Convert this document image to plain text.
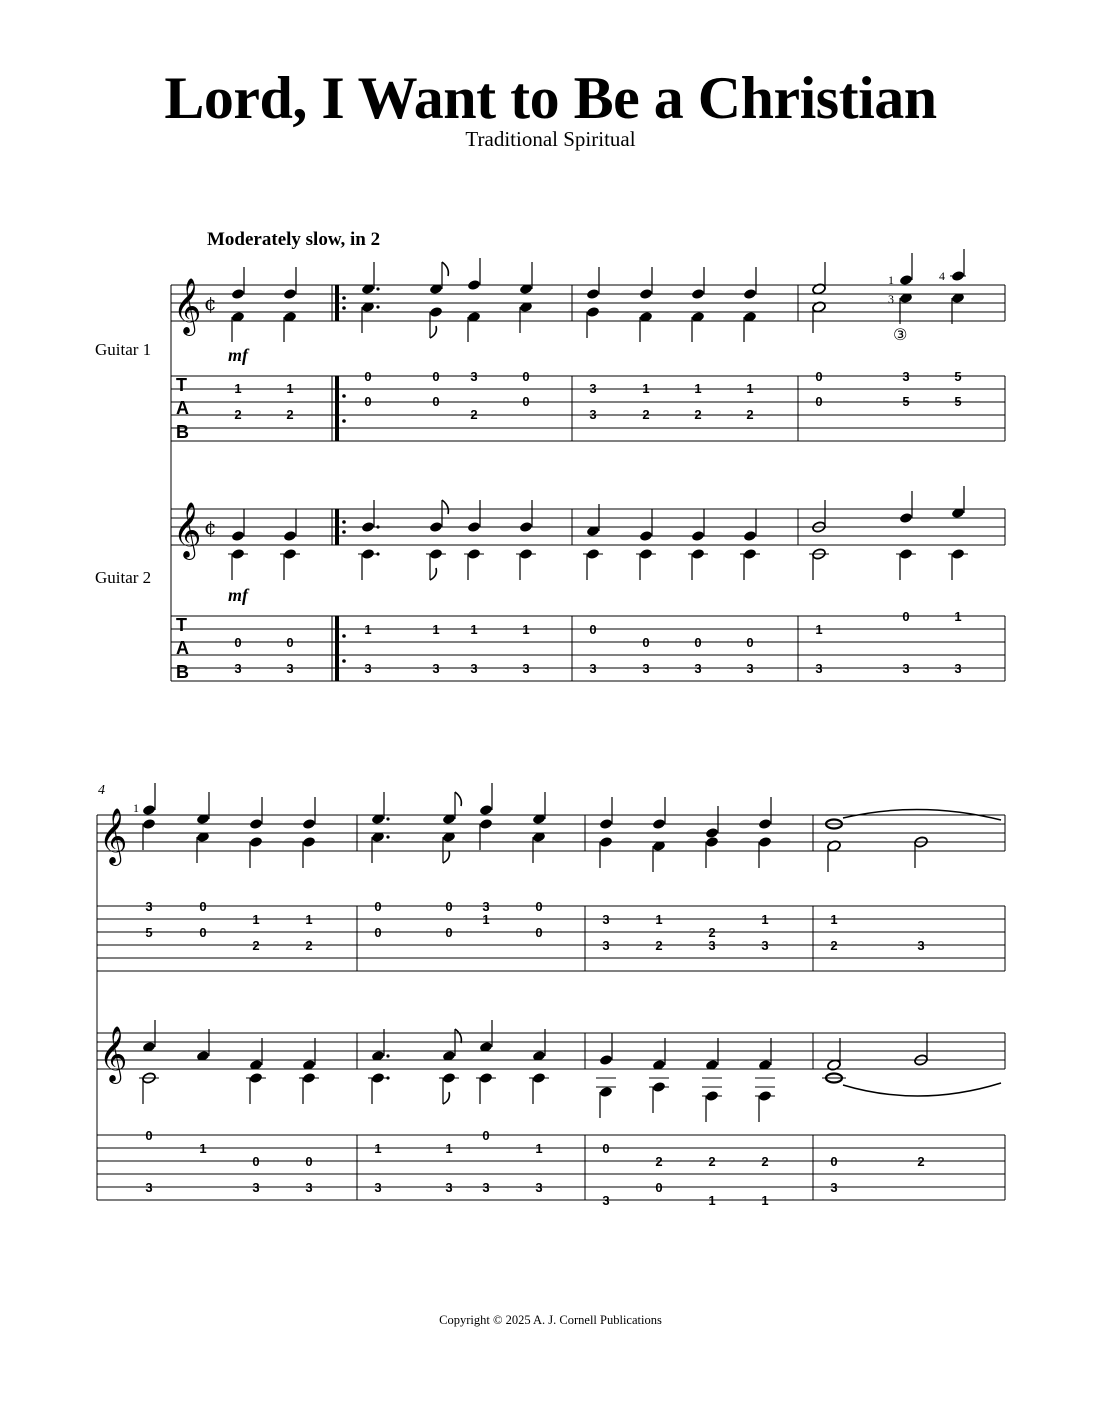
Lord, I Want to Be a Christian
Traditional Spiritual
Moderately slow, in 2
Guitar 1
Guitar 2
4
Copyright © 2025 A. J. Cornell Publications
𝄞 ¢
1
3
4
③
mf
T
A
B
1
2
1
2
0
0
0
0
3
2
0
0
3
3
1
2
1
2
1
2
0
0
3
5
5
5
𝄞 ¢
mf
T
A
B
0
3
0
3
1
3
1
3
1
3
1
3
0
3
0
3
0
3
0
3
1
3
0
3
1
3
𝄞 1
3
5
0
0
1
2
1
2
0
0
0
0
3
1
0
0
3
3
1
2
2
3
1
3
1
2	3
𝄞
0
3
1
0
3
0
3
1
3
1
3
0
3
1
3
0
3
2
0
2
1
2
1
0
3
2
